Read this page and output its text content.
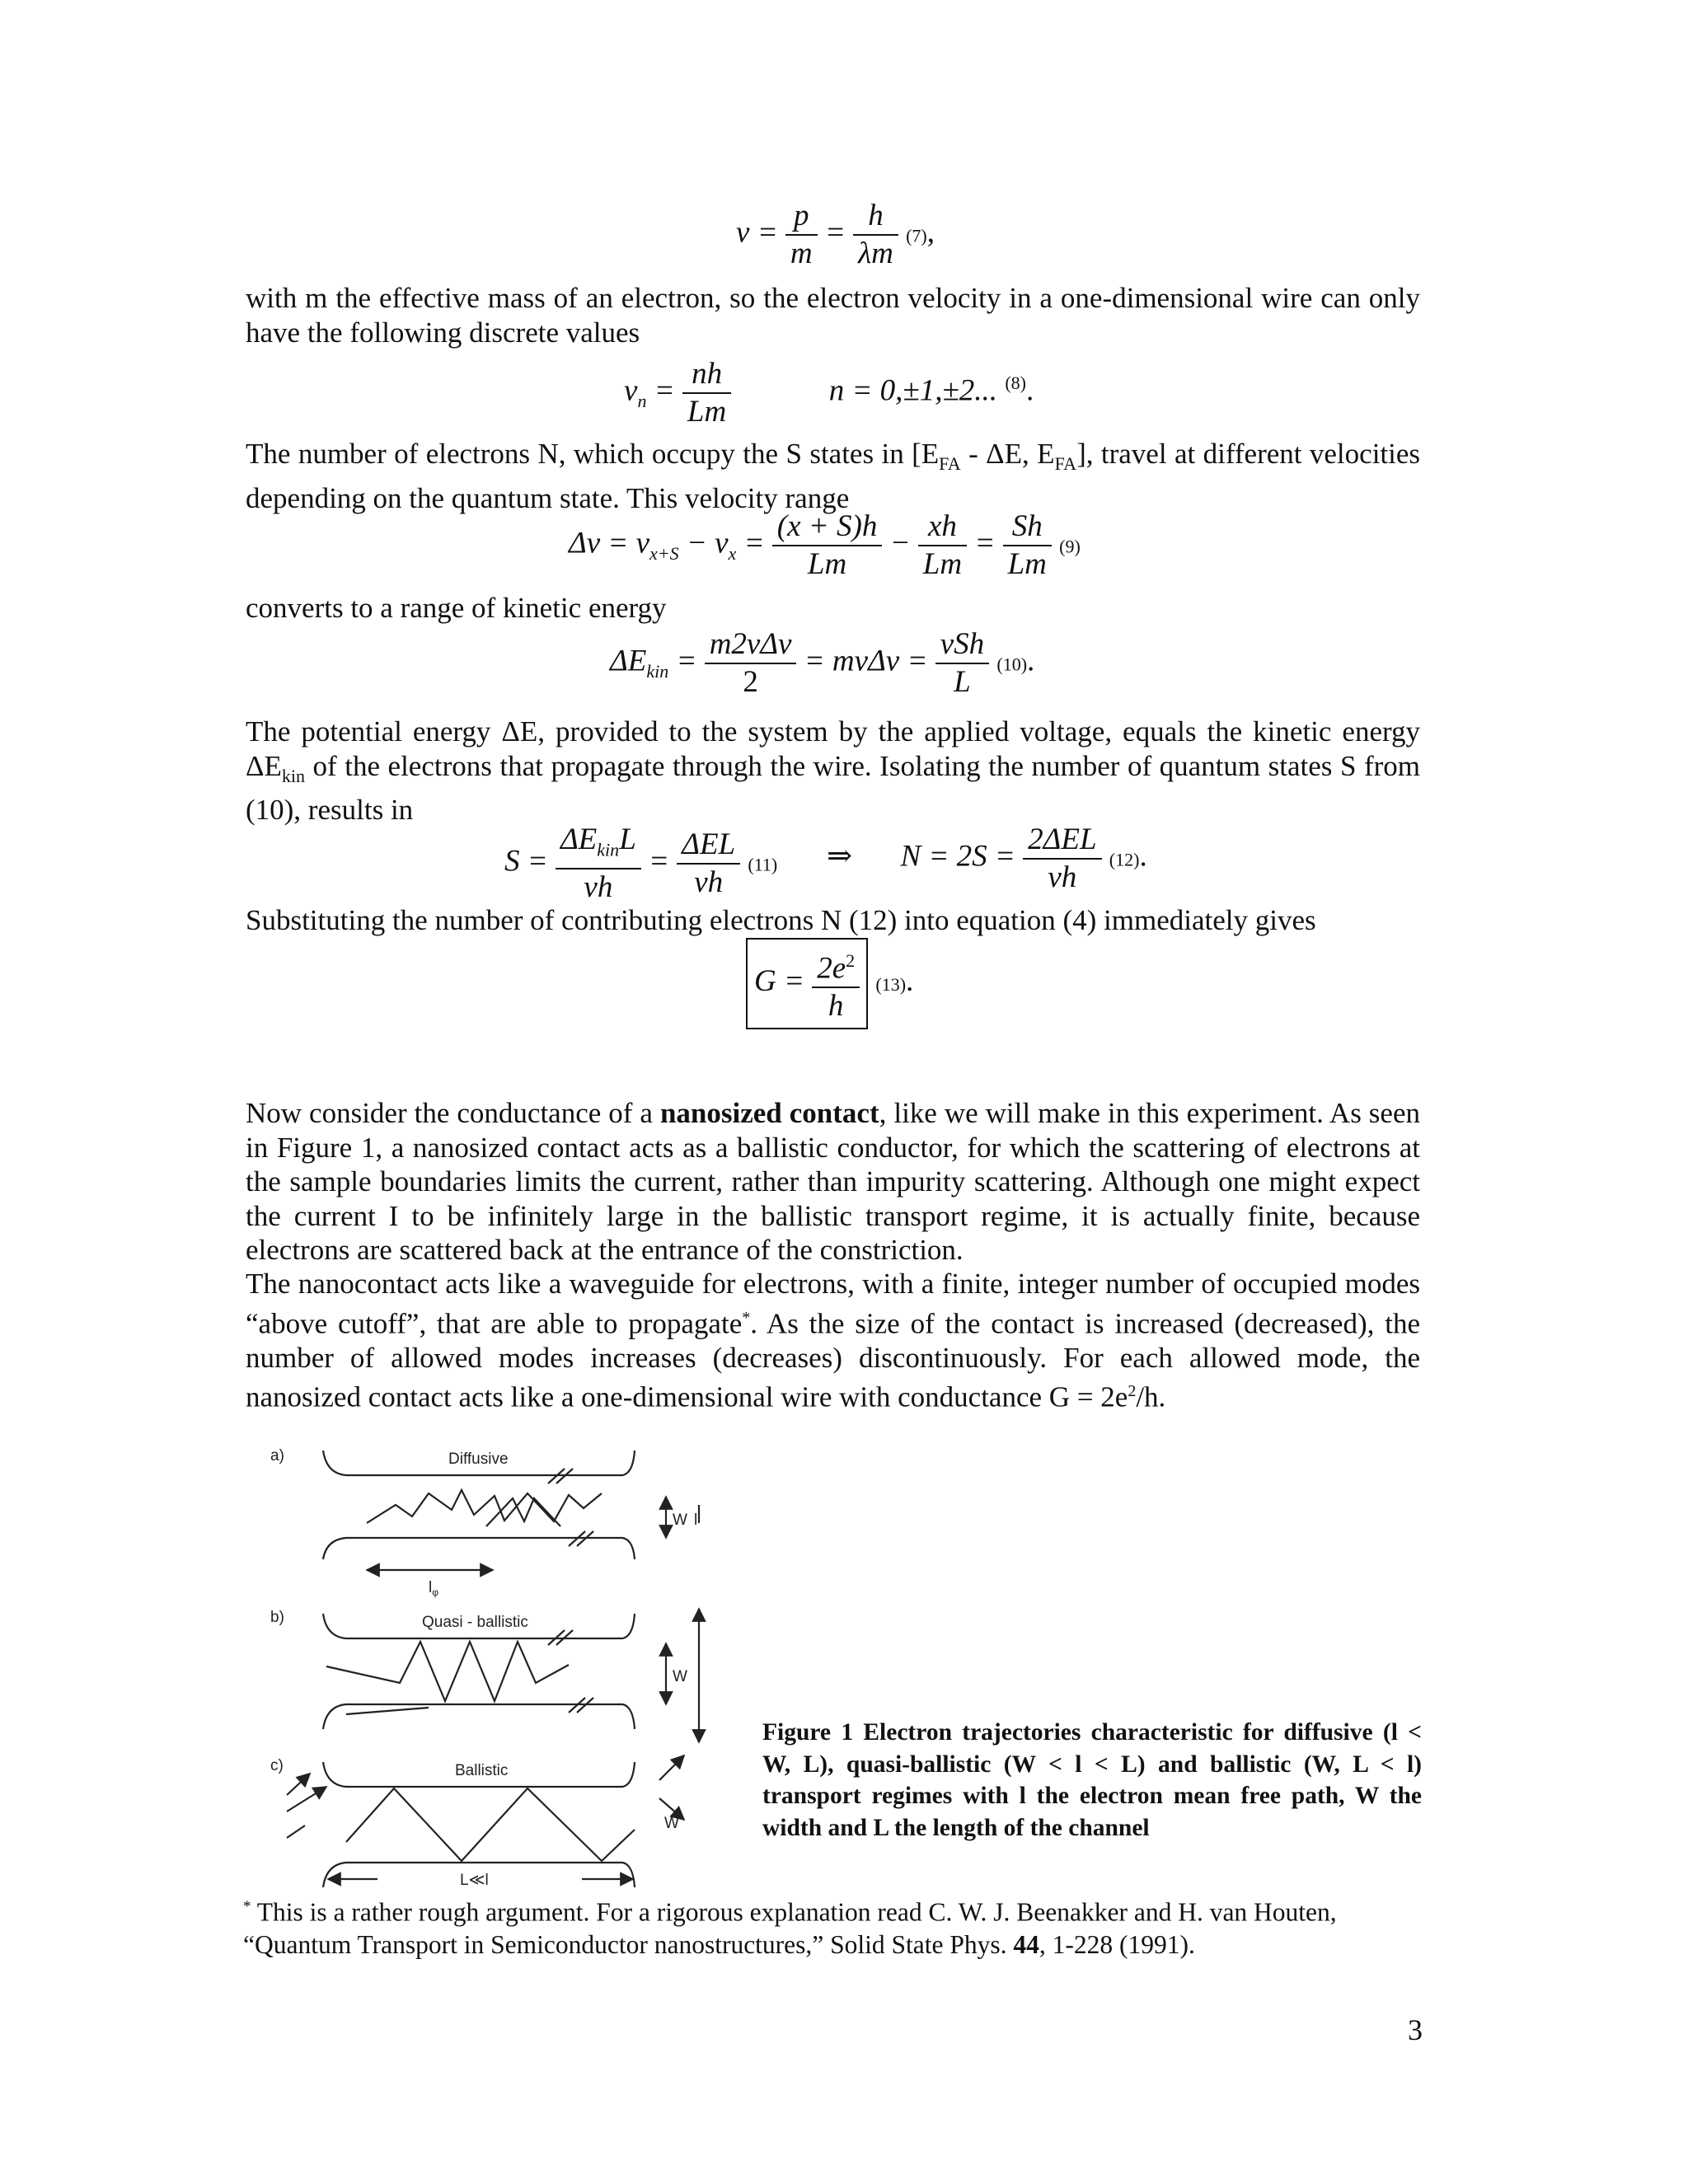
$v = \frac{p}{m} = \frac{h}{\lambda m} (7)$,
with m the effective mass of an electron, so the electron velocity in a one-dimensional wire can only have the following discrete values
$v_n = \frac{nh}{Lm}$	n = 0,±1,±2... $^{(8)}$.
The number of electrons N, which occupy the S states in [$E_{FA}$ - ΔE, $E_{FA}$], travel at different velocities depending on the quantum state. This velocity range
$\Delta v = v_{x+S} - v_x = \frac{(x + S)h}{Lm} - \frac{xh}{Lm} = \frac{Sh}{Lm} (9)$
converts to a range of kinetic energy
$\Delta E_{kin} = \frac{\text{m2vΔv}}{2} = mv\Delta v = \frac{\text{vSh}}{L} (10)$.
The potential energy ΔE, provided to the system by the applied voltage, equals the kinetic energy $\Delta E_{kin}$ of the electrons that propagate through the wire. Isolating the number of quantum states S from (10), results in
$S = \frac{\Delta E_{kin}L}{vh} = \frac{\text{ΔEL}}{vh} (11)$ ⇒ $N = 2S = \frac{\text{2ΔEL}}{vh} (12)$.
Substituting the number of contributing electrons N (12) into equation (4) immediately gives
$G = \frac{2e^2}{h} (13)$.
Now consider the conductance of a nanosized contact, like we will make in this experiment. As seen in Figure 1, a nanosized contact acts as a ballistic conductor, for which the scattering of electrons at the sample boundaries limits the current, rather than impurity scattering. Although one might expect the current I to be infinitely large in the ballistic transport regime, it is actually finite, because electrons are scattered back at the entrance of the constriction.
The nanocontact acts like a waveguide for electrons, with a finite, integer number of occupied modes “above cutoff”, that are able to propagate*. As the size of the contact is increased (decreased), the number of allowed modes increases (decreases) discontinuously. For each allowed mode, the nanosized contact acts like a one-dimensional wire with conductance $G = 2e^2/h$.
a)	Diffusive
W l
$l_\varphi$
b)	Quasi - ballistic
W l
c)	Ballistic
W
L≪l
Figure 1 Electron trajectories characteristic for diffusive (l < W, L), quasi-ballistic (W < l < L) and ballistic (W, L < l) transport regimes with l the electron mean free path, W the width and L the length of the channel
* This is a rather rough argument. For a rigorous explanation read C. W. J. Beenakker and H. van Houten, “Quantum Transport in Semiconductor nanostructures,” Solid State Phys. 44, 1-228 (1991).
3
